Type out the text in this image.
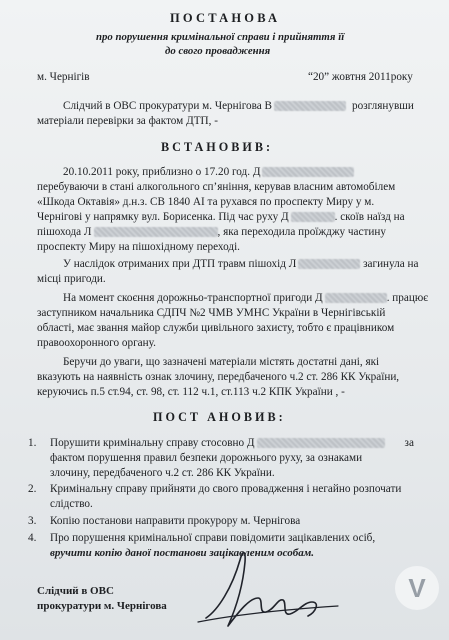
ПОСТАНОВА
про порушення кримінальної справи і прийняття її
до свого провадження
м. Чернігів	“20” жовтня 2011року
Слідчий в ОВС прокуратури м. Чернігова В	розглянувши
матеріали перевірки за фактом ДТП, -
ВСТАНОВИВ:
20.10.2011 року, приблизно о 17.20 год. Д
перебуваючи в стані алкогольного сп’яніння, керував власним автомобілем
«Шкода Октавія» д.н.з. СВ 1840 АІ та рухався по проспекту Миру у м.
Чернігові у напрямку вул. Борисенка. Під час руху Д	. скоїв наїзд на
пішохода Л	, яка переходила проїжджу частину
проспекту Миру на пішохідному переході.
У наслідок отриманих при ДТП травм пішохід Л	загинула на
місці пригоди.
На момент скоєння дорожньо-транспортної пригоди Д	. працює
заступником начальника СДПЧ №2 ЧМВ УМНС України в Чернігівській
області, має звання майор служби цивільного захисту, тобто є працівником
правоохоронного органу.
Беручи до уваги, що зазначені матеріали містять достатні дані, які
вказують на наявність ознак злочину, передбаченого ч.2 ст. 286 КК України,
керуючись п.5 ст.94, ст. 98, ст. 112 ч.1, ст.113 ч.2 КПК України , -
ПОСТ АНОВИВ:
1. Порушити кримінальну справу стосовно Д	за
фактом порушення правил безпеки дорожнього руху, за ознаками
злочину, передбаченого ч.2 ст. 286 КК України.
2. Кримінальну справу прийняти до свого провадження і негайно розпочати
слідство.
3. Копію постанови направити прокурору м. Чернігова
4. Про порушення кримінальної справи повідомити зацікавлених осіб,
вручити копію даної постанови зацікавленим особам.
Слідчий в ОВС
прокуратури м. Чернігова
V
